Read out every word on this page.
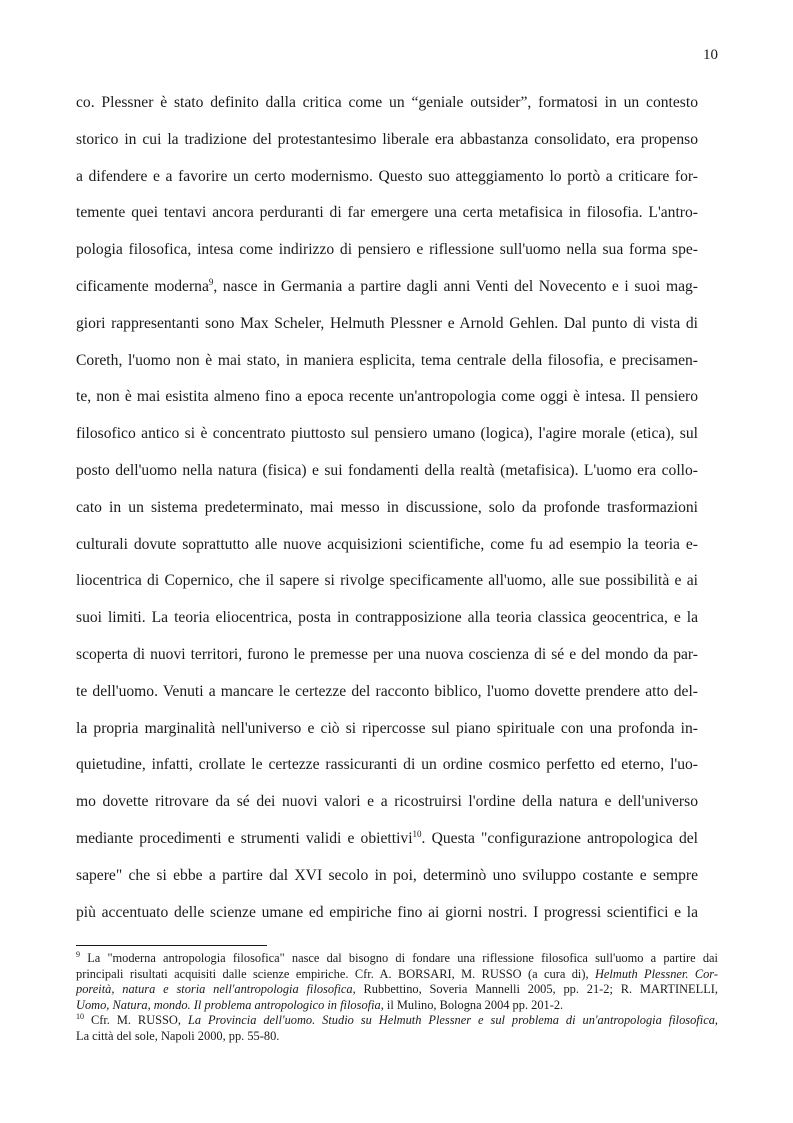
10
co. Plessner è stato definito dalla critica come un “geniale outsider”, formatosi in un contesto
storico in cui la tradizione del protestantesimo liberale era abbastanza consolidato, era propenso
a difendere e a favorire un certo modernismo. Questo suo atteggiamento lo portò a criticare for-
temente quei tentavi ancora perduranti di far emergere una certa metafisica in filosofia. L'antro-
pologia filosofica, intesa come indirizzo di pensiero e riflessione sull'uomo nella sua forma spe-
cificamente moderna$^9$, nasce in Germania a partire dagli anni Venti del Novecento e i suoi mag-
giori rappresentanti sono Max Scheler, Helmuth Plessner e Arnold Gehlen. Dal punto di vista di
Coreth, l'uomo non è mai stato, in maniera esplicita, tema centrale della filosofia, e precisamen-
te, non è mai esistita almeno fino a epoca recente un'antropologia come oggi è intesa. Il pensiero
filosofico antico si è concentrato piuttosto sul pensiero umano (logica), l'agire morale (etica), sul
posto dell'uomo nella natura (fisica) e sui fondamenti della realtà (metafisica). L'uomo era collo-
cato in un sistema predeterminato, mai messo in discussione, solo da profonde trasformazioni
culturali dovute soprattutto alle nuove acquisizioni scientifiche, come fu ad esempio la teoria e-
liocentrica di Copernico, che il sapere si rivolge specificamente all'uomo, alle sue possibilità e ai
suoi limiti. La teoria eliocentrica, posta in contrapposizione alla teoria classica geocentrica, e la
scoperta di nuovi territori, furono le premesse per una nuova coscienza di sé e del mondo da par-
te dell'uomo. Venuti a mancare le certezze del racconto biblico, l'uomo dovette prendere atto del-
la propria marginalità nell'universo e ciò si ripercosse sul piano spirituale con una profonda in-
quietudine, infatti, crollate le certezze rassicuranti di un ordine cosmico perfetto ed eterno, l'uo-
mo dovette ritrovare da sé dei nuovi valori e a ricostruirsi l'ordine della natura e dell'universo
mediante procedimenti e strumenti validi e obiettivi$^{10}$. Questa "configurazione antropologica del
sapere" che si ebbe a partire dal XVI secolo in poi, determinò uno sviluppo costante e sempre
più accentuato delle scienze umane ed empiriche fino ai giorni nostri. I progressi scientifici e la
$^9$ La "moderna antropologia filosofica" nasce dal bisogno di fondare una riflessione filosofica sull'uomo a partire dai
principali risultati acquisiti dalle scienze empiriche. Cfr. A. BORSARI, M. RUSSO (a cura di), Helmuth Plessner. Cor-
poreità, natura e storia nell'antropologia filosofica, Rubbettino, Soveria Mannelli 2005, pp. 21-2; R. MARTINELLI,
Uomo, Natura, mondo. Il problema antropologico in filosofia, il Mulino, Bologna 2004 pp. 201-2.
$^{10}$ Cfr. M. RUSSO, La Provincia dell'uomo. Studio su Helmuth Plessner e sul problema di un'antropologia filosofica,
La città del sole, Napoli 2000, pp. 55-80.
